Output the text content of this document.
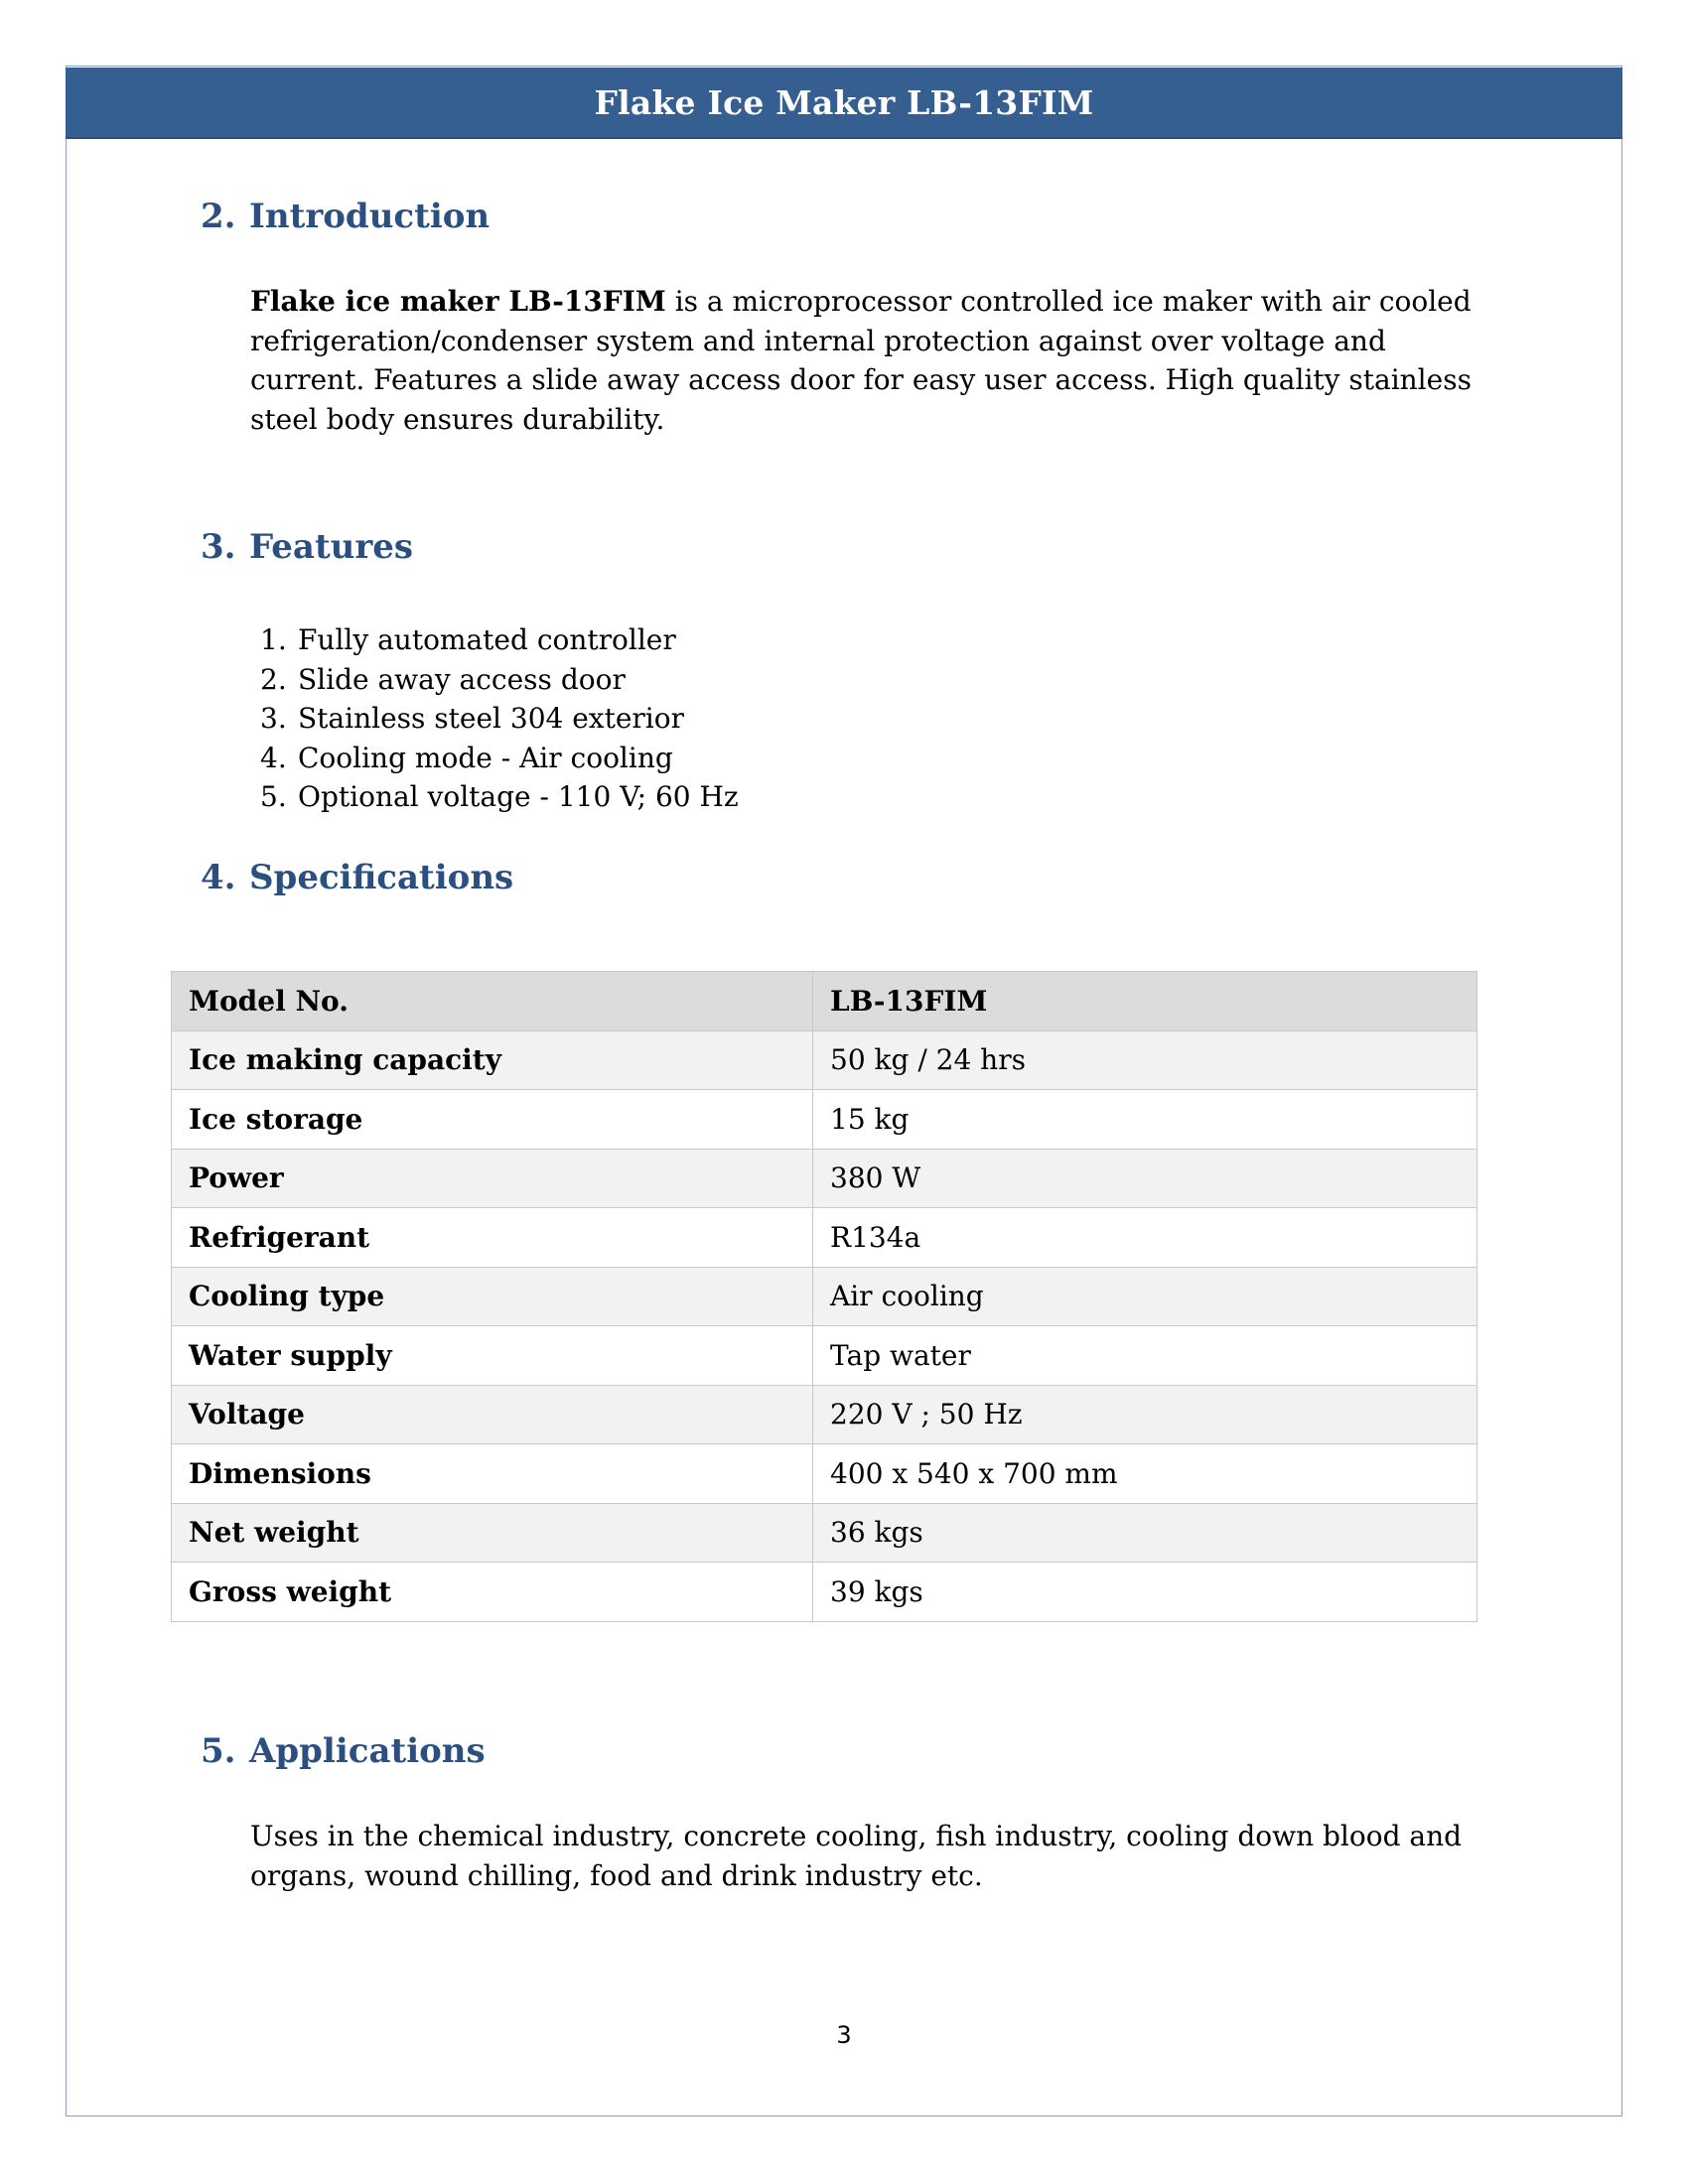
Flake Ice Maker LB-13FIM
2. Introduction
Flake ice maker LB-13FIM is a microprocessor controlled ice maker with air cooled
refrigeration/condenser system and internal protection against over voltage and
current. Features a slide away access door for easy user access. High quality stainless
steel body ensures durability.
3. Features
1. Fully automated controller
2. Slide away access door
3. Stainless steel 304 exterior
4. Cooling mode - Air cooling
5. Optional voltage - 110 V; 60 Hz
4. Specifications
Model No.	LB-13FIM
Ice making capacity	50 kg / 24 hrs
Ice storage	15 kg
Power	380 W
Refrigerant	R134a
Cooling type	Air cooling
Water supply	Tap water
Voltage	220 V ; 50 Hz
Dimensions	400 x 540 x 700 mm
Net weight	36 kgs
Gross weight	39 kgs
5. Applications
Uses in the chemical industry, concrete cooling, fish industry, cooling down blood and
organs, wound chilling, food and drink industry etc.
3
